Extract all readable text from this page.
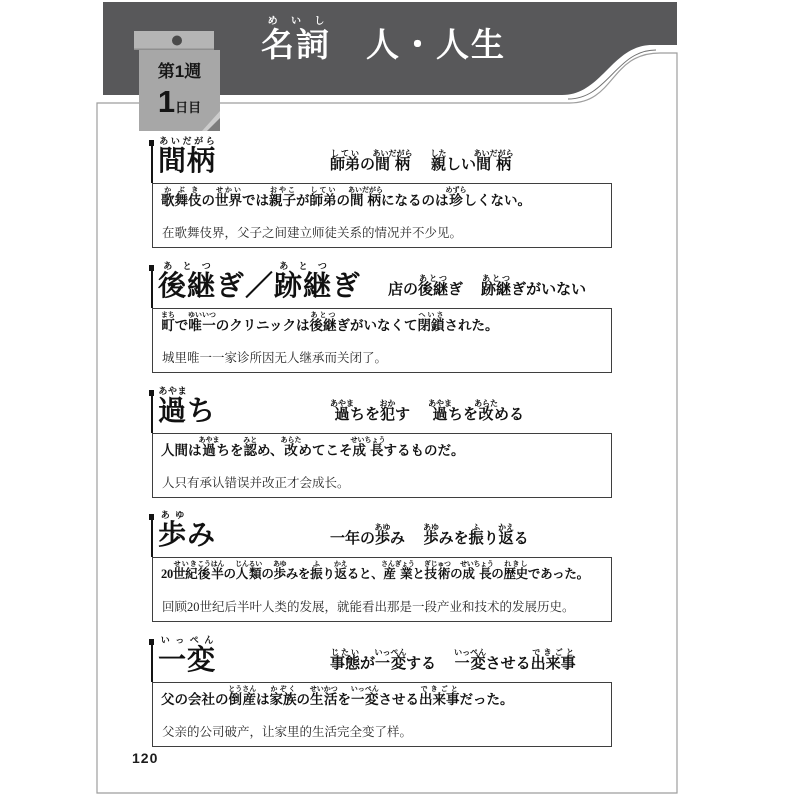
名詞めいし　人・人生
第1週
1日目
間柄あいだがら
師弟していの間柄あいだがら親したしい間柄あいだがら
歌舞伎かぶきの世界せかいでは親子おやこが師弟していの間柄あいだがらになるのは珍めずらしくない。
在歌舞伎界，父子之间建立师徒关系的情况并不少见。
後継あとつぎ／跡継あとつぎ 店の後継あとつぎ 跡継あとつぎがいない
町まちで唯一ゆいいつのクリニックは後継あとつぎがいなくて閉鎖へいさされた。
城里唯一一家诊所因无人继承而关闭了。
過あやまち	過あやまちを犯おかす 過あやまちを改あらためる
人間は過あやまちを認みとめ、改あらためてこそ成長せいちょうするものだ。
人只有承认错误并改正才会成长。
歩あゆみ	一年の歩あゆみ 歩あゆみを振ふり返かえる
20世紀せいき後半こうはんの人類じんるいの歩あゆみを振ふり返かえると、産業さんぎょうと技術ぎじゅつの成長せいちょうの歴史れきしであった。
回顾20世纪后半叶人类的发展，就能看出那是一段产业和技术的发展历史。
一変いっぺん
事態じたいが一変いっぺんする 一変いっぺんさせる出来事できごと
父の会社の倒産とうさんは家族かぞくの生活せいかつを一変いっぺんさせる出来事できごとだった。
父亲的公司破产，让家里的生活完全变了样。
120
